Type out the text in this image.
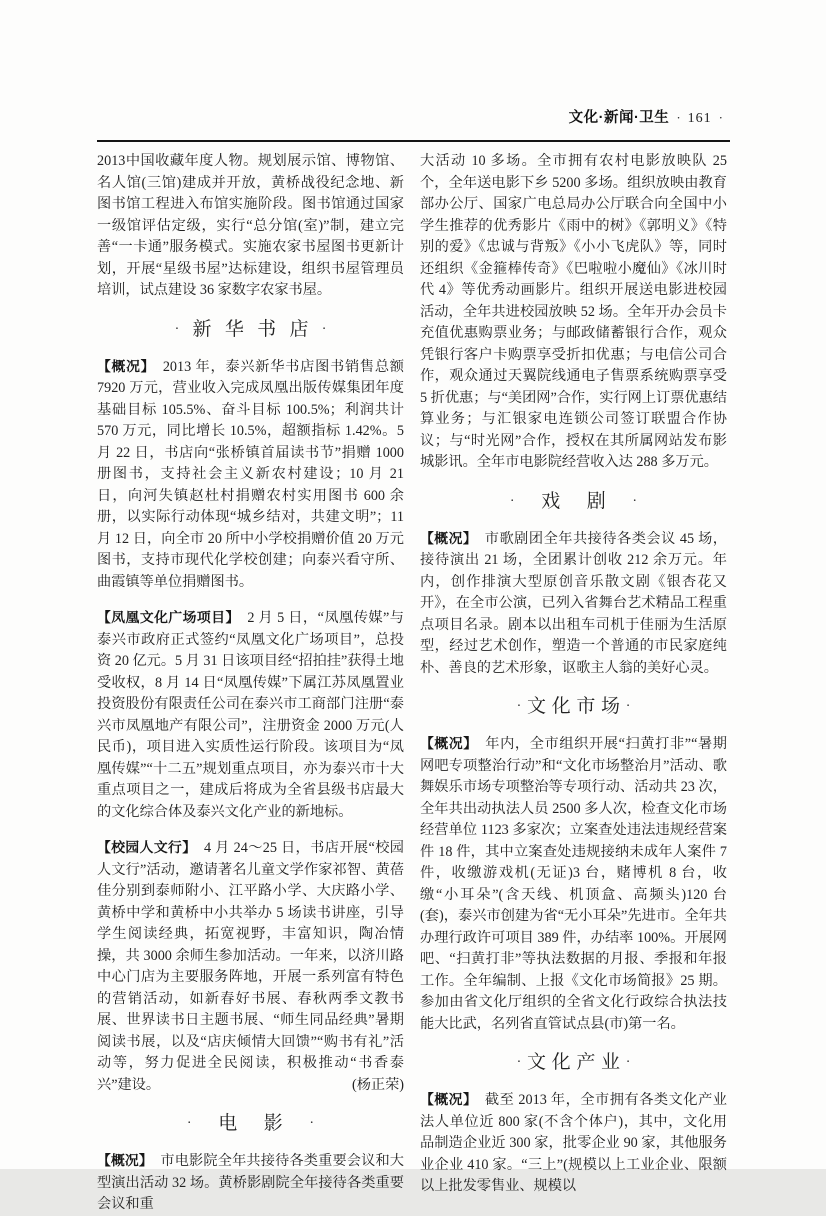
文化·新闻·卫生 · 161 ·

2013中国收藏年度人物。规划展示馆、博物馆、名人馆(三馆)建成并开放，黄桥战役纪念地、新图书馆工程进入布馆实施阶段。图书馆通过国家一级馆评估定级，实行“总分馆(室)”制，建立完善“一卡通”服务模式。实施农家书屋图书更新计划，开展“星级书屋”达标建设，组织书屋管理员培训，试点建设 36 家数字农家书屋。

· 新华书店·

【概况】 2013 年，泰兴新华书店图书销售总额 7920 万元，营业收入完成凤凰出版传媒集团年度基础目标 105.5%、奋斗目标 100.5%；利润共计 570 万元，同比增长 10.5%，超额指标 1.42%。5 月 22 日，书店向“张桥镇首届读书节”捐赠 1000 册图书，支持社会主义新农村建设；10 月 21 日，向河失镇赵杜村捐赠农村实用图书 600 余册，以实际行动体现“城乡结对，共建文明”；11 月 12 日，向全市 20 所中小学校捐赠价值 20 万元图书，支持市现代化学校创建；向泰兴看守所、曲霞镇等单位捐赠图书。

【凤凰文化广场项目】 2 月 5 日，“凤凰传媒”与泰兴市政府正式签约“凤凰文化广场项目”，总投资 20 亿元。5 月 31 日该项目经“招拍挂”获得土地受收权，8 月 14 日“凤凰传媒”下属江苏凤凰置业投资股份有限责任公司在泰兴市工商部门注册“泰兴市凤凰地产有限公司”，注册资金 2000 万元(人民币)，项目进入实质性运行阶段。该项目为“凤凰传媒”“十二五”规划重点项目，亦为泰兴市十大重点项目之一，建成后将成为全省县级书店最大的文化综合体及泰兴文化产业的新地标。

【校园人文行】 4 月 24～25 日，书店开展“校园人文行”活动，邀请著名儿童文学作家祁智、黄蓓佳分别到泰师附小、江平路小学、大庆路小学、黄桥中学和黄桥中小共举办 5 场读书讲座，引导学生阅读经典，拓宽视野，丰富知识，陶冶情操，共 3000 余师生参加活动。一年来，以济川路中心门店为主要服务阵地，开展一系列富有特色的营销活动，如新春好书展、春秋两季文教书展、世界读书日主题书展、“师生同品经典”暑期阅读书展，以及“店庆倾情大回馈”“购书有礼”活动等，努力促进全民阅读，积极推动“书香泰兴”建设。	(杨正荣)

· 电影·

【概况】 市电影院全年共接待各类重要会议和大型演出活动 32 场。黄桥影剧院全年接待各类重要会议和重

大活动 10 多场。全市拥有农村电影放映队 25 个，全年送电影下乡 5200 多场。组织放映由教育部办公厅、国家广电总局办公厅联合向全国中小学生推荐的优秀影片《雨中的树》《郭明义》《特别的爱》《忠诚与背叛》《小小飞虎队》等，同时还组织《金箍棒传奇》《巴啦啦小魔仙》《冰川时代 4》等优秀动画影片。组织开展送电影进校园活动，全年共进校园放映 52 场。全年开办会员卡充值优惠购票业务；与邮政储蓄银行合作，观众凭银行客户卡购票享受折扣优惠；与电信公司合作，观众通过天翼院线通电子售票系统购票享受 5 折优惠；与“美团网”合作，实行网上订票优惠结算业务；与汇银家电连锁公司签订联盟合作协议；与“时光网”合作，授权在其所属网站发布影城影讯。全年市电影院经营收入达 288 多万元。

· 戏剧·

【概况】 市歌剧团全年共接待各类会议 45 场，接待演出 21 场，全团累计创收 212 余万元。年内，创作排演大型原创音乐散文剧《银杏花又开》，在全市公演，已列入省舞台艺术精品工程重点项目名录。剧本以出租车司机于佳丽为生活原型，经过艺术创作，塑造一个普通的市民家庭纯朴、善良的艺术形象，讴歌主人翁的美好心灵。

· 文化市场·

【概况】 年内，全市组织开展“扫黄打非”“暑期网吧专项整治行动”和“文化市场整治月”活动、歌舞娱乐市场专项整治等专项行动、活动共 23 次，全年共出动执法人员 2500 多人次，检查文化市场经营单位 1123 多家次；立案查处违法违规经营案件 18 件，其中立案查处违规接纳未成年人案件 7 件，收缴游戏机(无证)3 台，赌博机 8 台，收缴“小耳朵”(含天线、机顶盒、高频头)120 台(套)，泰兴市创建为省“无小耳朵”先进市。全年共办理行政许可项目 389 件，办结率 100%。开展网吧、“扫黄打非”等执法数据的月报、季报和年报工作。全年编制、上报《文化市场简报》25 期。参加由省文化厅组织的全省文化行政综合执法技能大比武，名列省直管试点县(市)第一名。

· 文化产业·

【概况】 截至 2013 年，全市拥有各类文化产业法人单位近 800 家(不含个体户)，其中，文化用品制造企业近 300 家，批零企业 90 家，其他服务业企业 410 家。“三上”(规模以上工业企业、限额以上批发零售业、规模以
